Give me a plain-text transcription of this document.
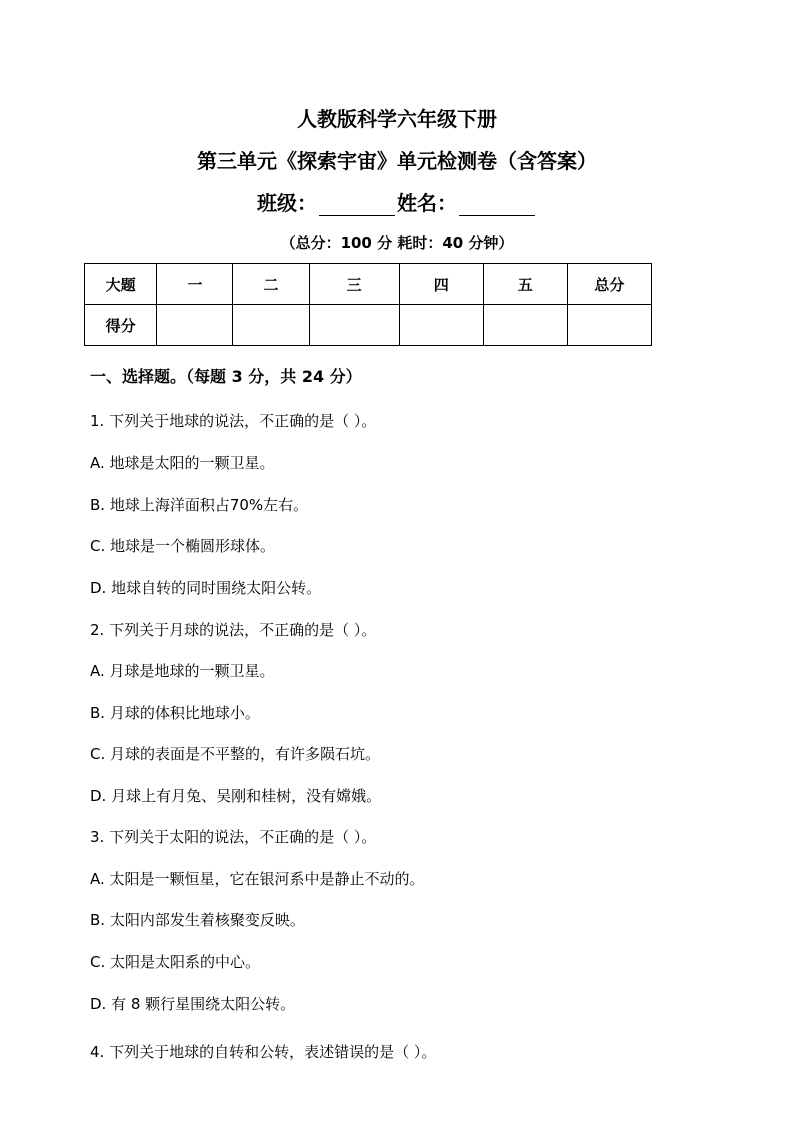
人教版科学六年级下册
第三单元《探索宇宙》单元检测卷（含答案）
班级：	姓名：
（总分：100 分 耗时：40 分钟）
大题	一	二	三	四	五	总分
得分						
一、选择题。（每题 3 分，共 24 分）
1. 下列关于地球的说法，不正确的是（ ）。
A. 地球是太阳的一颗卫星。
B. 地球上海洋面积占70%左右。
C. 地球是一个椭圆形球体。
D. 地球自转的同时围绕太阳公转。
2. 下列关于月球的说法，不正确的是（ ）。
A. 月球是地球的一颗卫星。
B. 月球的体积比地球小。
C. 月球的表面是不平整的，有许多陨石坑。
D. 月球上有月兔、吴刚和桂树，没有嫦娥。
3. 下列关于太阳的说法，不正确的是（ ）。
A. 太阳是一颗恒星，它在银河系中是静止不动的。
B. 太阳内部发生着核聚变反映。
C. 太阳是太阳系的中心。
D. 有 8 颗行星围绕太阳公转。
4. 下列关于地球的自转和公转，表述错误的是（ ）。
